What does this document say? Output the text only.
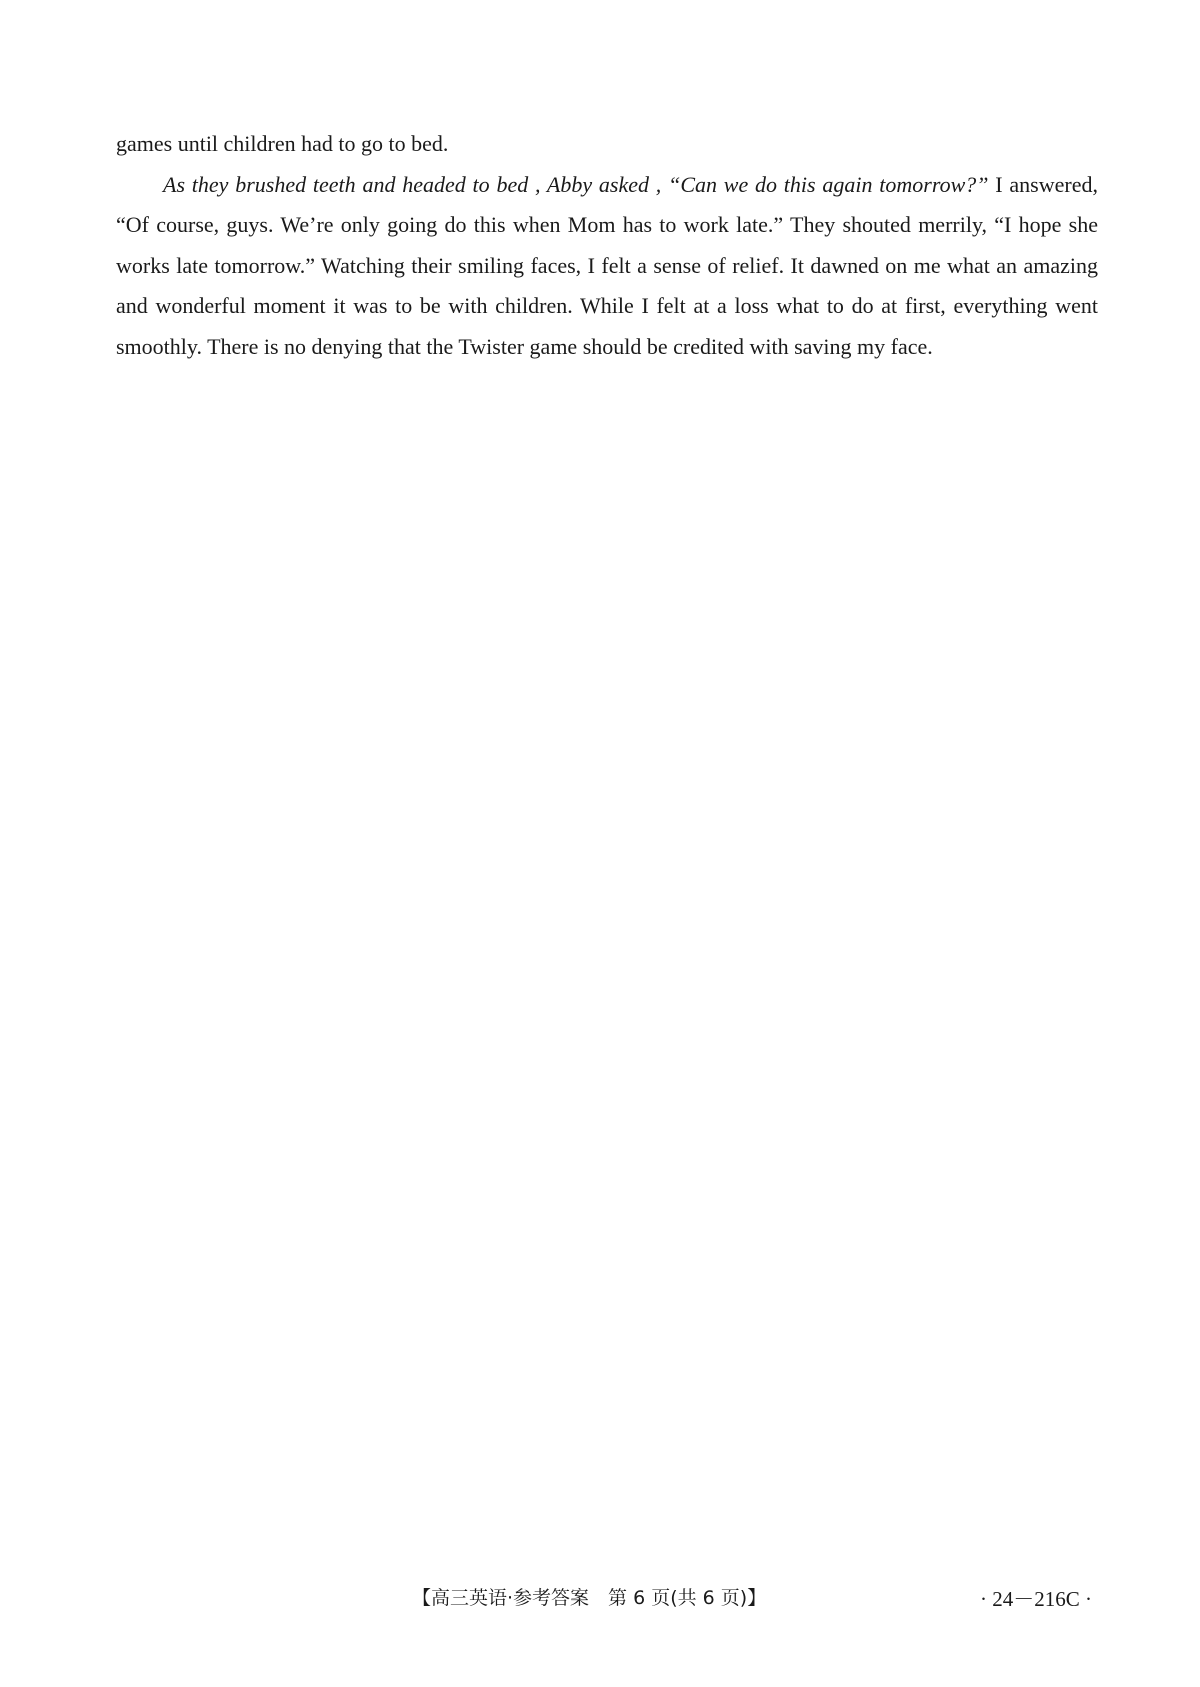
games until children had to go to bed.

As they brushed teeth and headed to bed , Abby asked , “Can we do this again tomorrow?” I answered, “Of course, guys. We’re only going do this when Mom has to work late.” They shouted merrily, “I hope she works late tomorrow.” Watching their smiling faces, I felt a sense of relief. It dawned on me what an amazing and wonderful moment it was to be with children. While I felt at a loss what to do at first, everything went smoothly. There is no denying that the Twister game should be credited with saving my face.

【高三英语·参考答案　第 6 页(共 6 页)】	· 24－216C ·
